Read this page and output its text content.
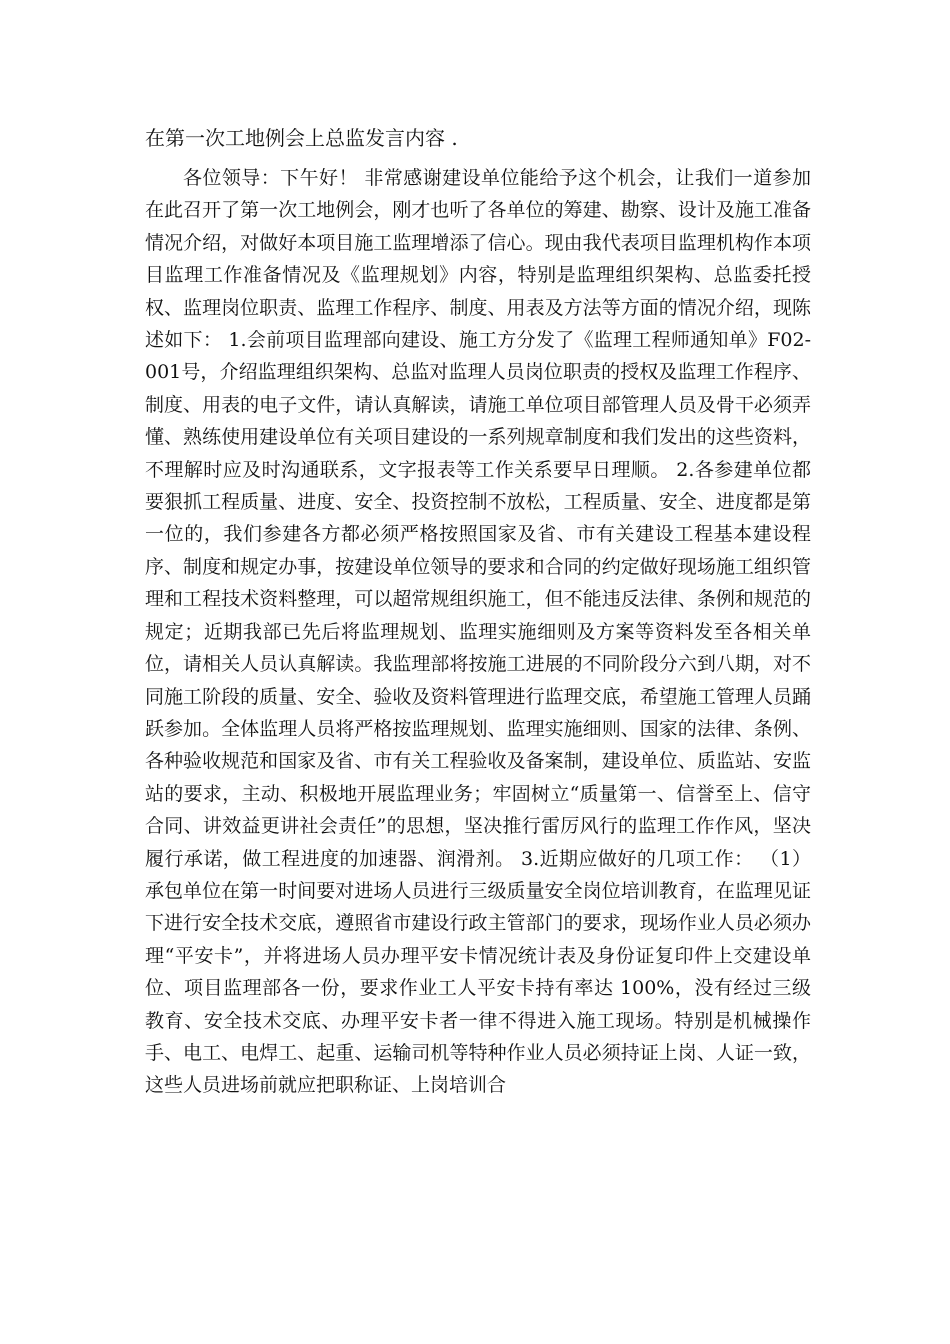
在第一次工地例会上总监发言内容 .

各位领导：下午好！ 非常感谢建设单位能给予这个机会，让我们一道参加在此召开了第一次工地例会，刚才也听了各单位的筹建、勘察、设计及施工准备情况介绍，对做好本项目施工监理增添了信心。现由我代表项目监理机构作本项目监理工作准备情况及《监理规划》内容，特别是监理组织架构、总监委托授权、监理岗位职责、监理工作程序、制度、用表及方法等方面的情况介绍，现陈述如下： 1.会前项目监理部向建设、施工方分发了《监理工程师通知单》F02-001号，介绍监理组织架构、总监对监理人员岗位职责的授权及监理工作程序、制度、用表的电子文件，请认真解读，请施工单位项目部管理人员及骨干必须弄懂、熟练使用建设单位有关项目建设的一系列规章制度和我们发出的这些资料，不理解时应及时沟通联系，文字报表等工作关系要早日理顺。 2.各参建单位都要狠抓工程质量、进度、安全、投资控制不放松，工程质量、安全、进度都是第一位的，我们参建各方都必须严格按照国家及省、市有关建设工程基本建设程序、制度和规定办事，按建设单位领导的要求和合同的约定做好现场施工组织管理和工程技术资料整理，可以超常规组织施工，但不能违反法律、条例和规范的规定；近期我部已先后将监理规划、监理实施细则及方案等资料发至各相关单位，请相关人员认真解读。我监理部将按施工进展的不同阶段分六到八期，对不同施工阶段的质量、安全、验收及资料管理进行监理交底，希望施工管理人员踊跃参加。全体监理人员将严格按监理规划、监理实施细则、国家的法律、条例、各种验收规范和国家及省、市有关工程验收及备案制，建设单位、质监站、安监站的要求，主动、积极地开展监理业务；牢固树立“质量第一、信誉至上、信守合同、讲效益更讲社会责任”的思想，坚决推行雷厉风行的监理工作作风，坚决履行承诺，做工程进度的加速器、润滑剂。 3.近期应做好的几项工作： （1）承包单位在第一时间要对进场人员进行三级质量安全岗位培训教育，在监理见证下进行安全技术交底，遵照省市建设行政主管部门的要求，现场作业人员必须办理“平安卡”，并将进场人员办理平安卡情况统计表及身份证复印件上交建设单位、项目监理部各一份，要求作业工人平安卡持有率达 100%，没有经过三级教育、安全技术交底、办理平安卡者一律不得进入施工现场。特别是机械操作手、电工、电焊工、起重、运输司机等特种作业人员必须持证上岗、人证一致，这些人员进场前就应把职称证、上岗培训合
